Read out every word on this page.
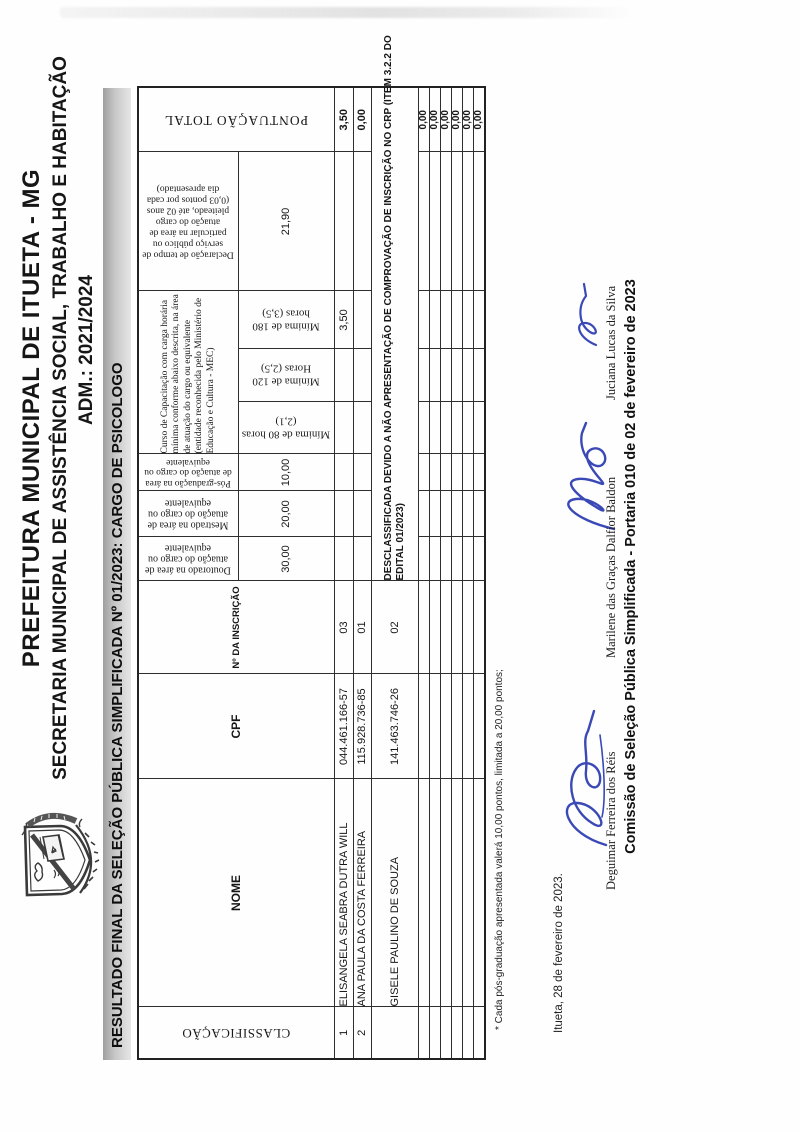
PREFEITURA MUNICIPAL DE ITUETA - MG SECRETARIA MUNICIPAL DE ASSISTÊNCIA SOCIAL, TRABALHO E HABITAÇÃO ADM.: 2021/2024
RESULTADO FINAL DA SELEÇÃO PÚBLICA SIMPLIFICADA Nº 01/2023: CARGO DE PSICOLOGO	CLASSIFICAÇÃO	NOME	CPF	Nº DA INSCRIÇÃO	Doutorado na área de atuação do cargo ou equivalente	Mestrado na área de atuação do cargo ou equivalente	Pós-graduação na área de atuação do cargo ou equivalente	Curso de Capacitação com carga horária mínima conforme abaixo descrita, na área de atuação do cargo ou equivalente (entidade reconhecida pelo Ministério de Educação e Cultura - MEC)			Declaração de tempo de serviço público ou particular na área de atuação do cargo pleiteado, até 02 anos (0,03 pontos por cada dia apresentado)	PONTUAÇÃO TOTAL

				30,00	20,00	10,00	Mínima de 80 horas (2,1)	Mínima de 120 Horas (2,5)	Mínima de 180 horas (3,5)	21,90	
1	ELISANGELA SEABRA DUTRA WILL	044.461.166-57	03						3,50		3,50
2	ANA PAULA DA COSTA FERREIRA	115.928.736-85	01								0,00
	GISELE PAULINO DE SOUZA	141.463.746-26	02	DESCLASSIFICADA DEVIDO A NÃO APRESENTAÇÃO DE COMPROVAÇÃO DE INSCRIÇÃO NO CRP (ITEM 3.2.2 DO
EDITAL 01/2023)							
											0,00
											0,00
											0,00
											0,00
											0,00
											0,00
* Cada pós-graduação apresentada valerá 10,00 pontos, limitada a 20,00 pontos;	Itueta, 28 de fevereiro de 2023.
Deguimar Ferreira dos Réis
Marilene das Graças Dalfior Baldon
Juciana Lucas da Silva Comissão de Seleção Pública Simplificada - Portaria 010 de 02 de fevereiro de 2023
